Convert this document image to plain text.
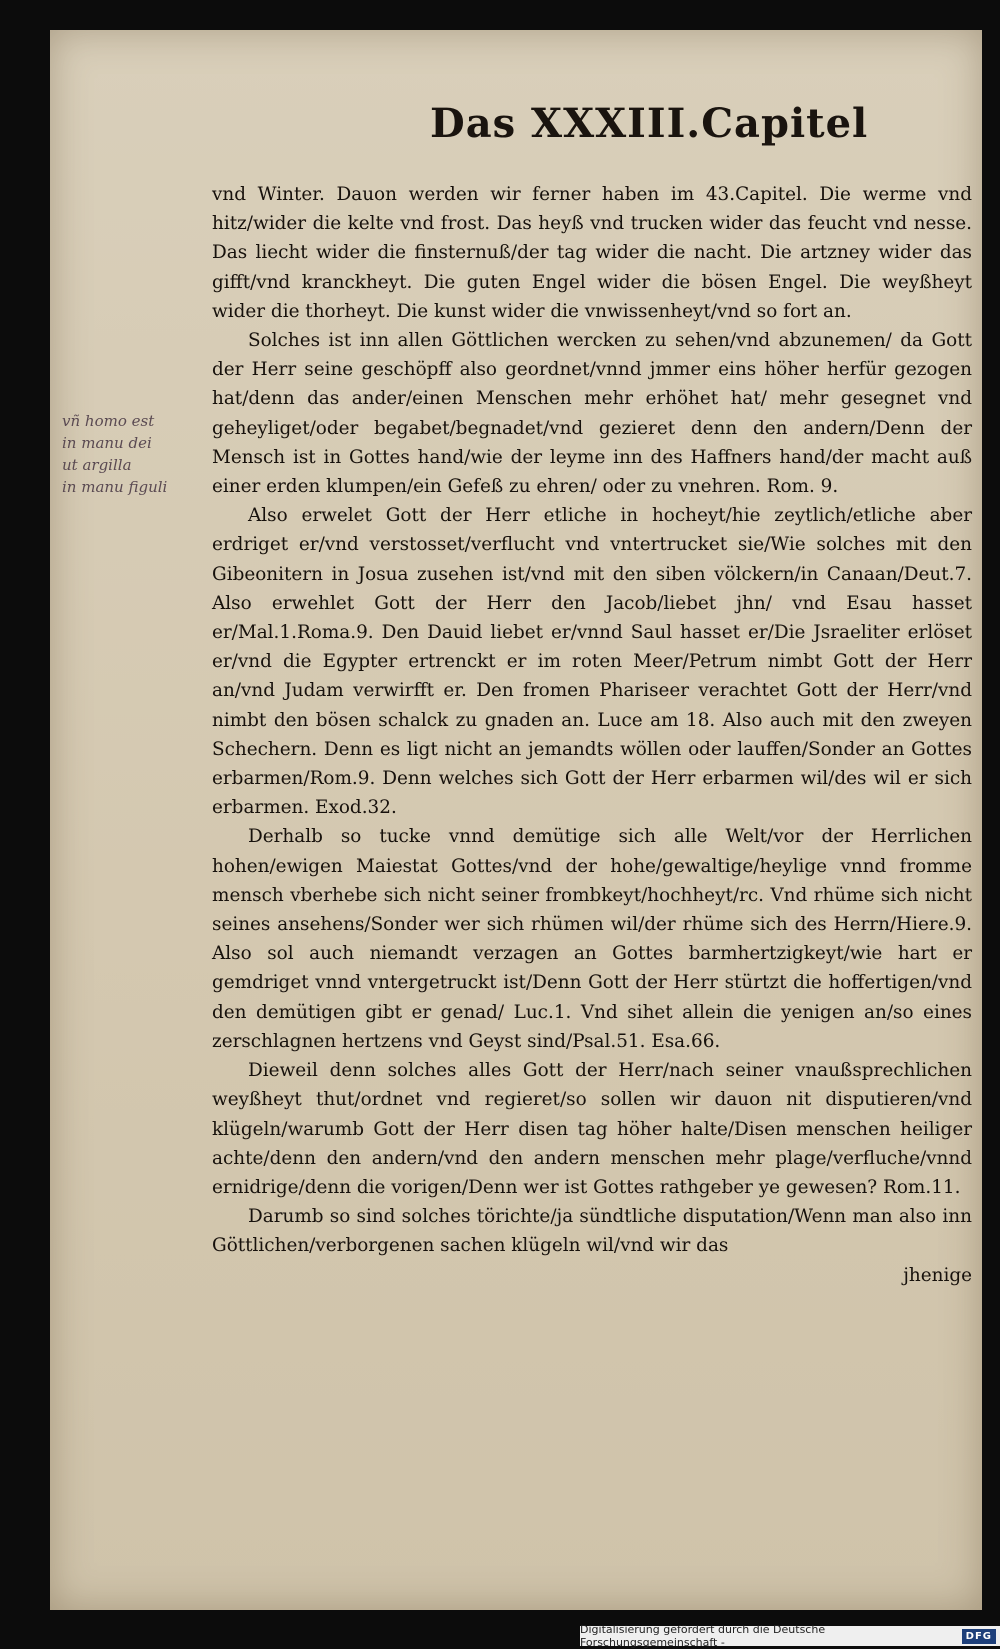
Das XXXIII.Capitel
vñ homo est
in manu dei
ut argilla
in manu figuli

vnd Winter. Dauon werden wir ferner haben im 43.Capitel. Die werme vnd hitz/wider die kelte vnd frost. Das heyß vnd trucken wider das feucht vnd nesse. Das liecht wider die finsternuß/der tag wider die nacht. Die artzney wider das gifft/vnd kranckheyt. Die guten Engel wider die bösen Engel. Die weyßheyt wider die thorheyt. Die kunst wider die vnwissenheyt/vnd so fort an.

Solches ist inn allen Göttlichen wercken zu sehen/vnd abzunemen/ da Gott der Herr seine geschöpff also geordnet/vnnd jmmer eins höher herfür gezogen hat/denn das ander/einen Menschen mehr erhöhet hat/ mehr gesegnet vnd geheyliget/oder begabet/begnadet/vnd gezieret denn den andern/Denn der Mensch ist in Gottes hand/wie der leyme inn des Haffners hand/der macht auß einer erden klumpen/ein Gefeß zu ehren/ oder zu vnehren. Rom. 9.

Also erwelet Gott der Herr etliche in hocheyt/hie zeytlich/etliche aber erdriget er/vnd verstosset/verflucht vnd vntertrucket sie/Wie solches mit den Gibeonitern in Josua zusehen ist/vnd mit den siben völckern/in Canaan/Deut.7. Also erwehlet Gott der Herr den Jacob/liebet jhn/ vnd Esau hasset er/Mal.1.Roma.9. Den Dauid liebet er/vnnd Saul hasset er/Die Jsraeliter erlöset er/vnd die Egypter ertrenckt er im roten Meer/Petrum nimbt Gott der Herr an/vnd Judam verwirfft er. Den fromen Phariseer verachtet Gott der Herr/vnd nimbt den bösen schalck zu gnaden an. Luce am 18. Also auch mit den zweyen Schechern. Denn es ligt nicht an jemandts wöllen oder lauffen/Sonder an Gottes erbarmen/Rom.9. Denn welches sich Gott der Herr erbarmen wil/des wil er sich erbarmen. Exod.32.

Derhalb so tucke vnnd demütige sich alle Welt/vor der Herrlichen hohen/ewigen Maiestat Gottes/vnd der hohe/gewaltige/heylige vnnd fromme mensch vberhebe sich nicht seiner frombkeyt/hochheyt/rc. Vnd rhüme sich nicht seines ansehens/Sonder wer sich rhümen wil/der rhüme sich des Herrn/Hiere.9. Also sol auch niemandt verzagen an Gottes barmhertzigkeyt/wie hart er gemdriget vnnd vntergetruckt ist/Denn Gott der Herr stürtzt die hoffertigen/vnd den demütigen gibt er genad/ Luc.1. Vnd sihet allein die yenigen an/so eines zerschlagnen hertzens vnd Geyst sind/Psal.51. Esa.66.

Dieweil denn solches alles Gott der Herr/nach seiner vnaußsprechlichen weyßheyt thut/ordnet vnd regieret/so sollen wir dauon nit disputieren/vnd klügeln/warumb Gott der Herr disen tag höher halte/Disen menschen heiliger achte/denn den andern/vnd den andern menschen mehr plage/verfluche/vnnd ernidrige/denn die vorigen/Denn wer ist Gottes rathgeber ye gewesen? Rom.11.

Darumb so sind solches törichte/ja sündtliche disputation/Wenn man also inn Göttlichen/verborgenen sachen klügeln wil/vnd wir das

jhenige

Digitalisierung gefördert durch die Deutsche Forschungsgemeinschaft -	DFG
